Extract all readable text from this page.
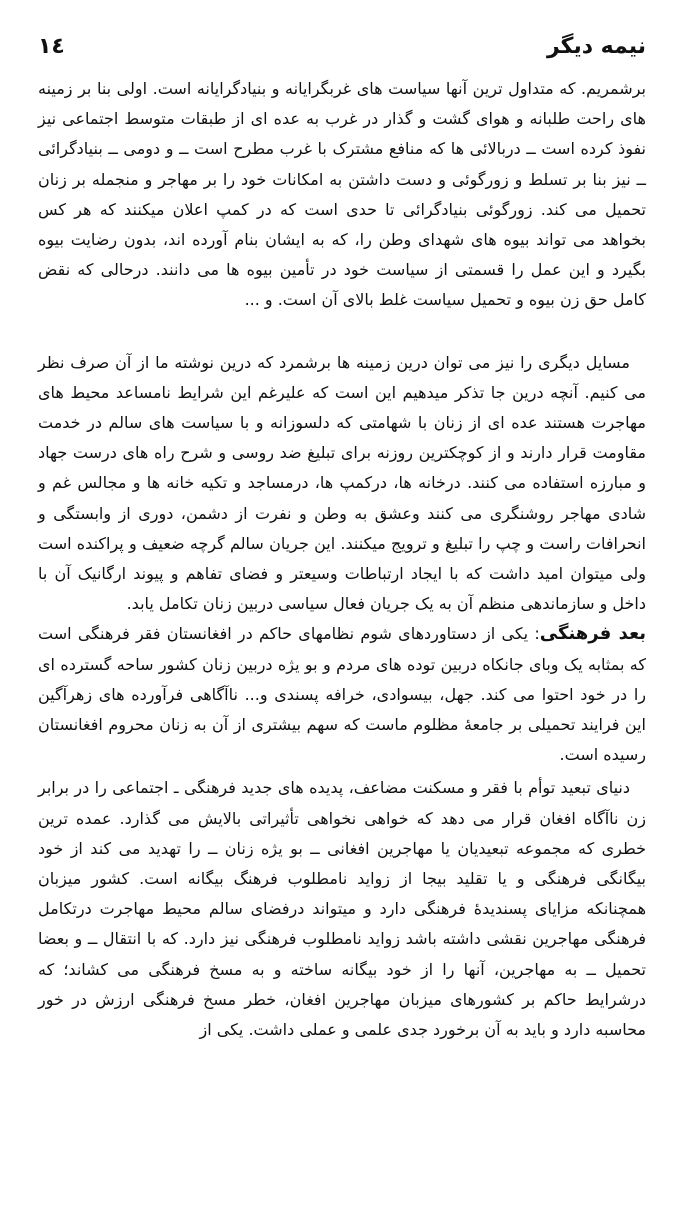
١٤	نیمه دیگر

برشمریم. که متداول ترین آنها سیاست های غربگرایانه و بنیادگرایانه است. اولی بنا بر زمینه های راحت طلبانه و هوای گشت و گذار در غرب به عده ای از طبقات متوسط اجتماعی نیز نفوذ کرده است ــ دربالائی ها که منافع مشترک با غرب مطرح است ــ و دومی ــ بنیادگرائی ــ نیز بنا بر تسلط و زورگوئی و دست داشتن به امکانات خود را بر مهاجر و منجمله بر زنان تحمیل می کند. زورگوئی بنیادگرائی تا حدی است که در کمپ اعلان میکنند که هر کس بخواهد می تواند بیوه های شهدای وطن را، که به ایشان بنام آورده اند، بدون رضایت بیوه بگیرد و این عمل را قسمتی از سیاست خود در تأمین بیوه ها می دانند. درحالی که نقض کامل حق زن بیوه و تحمیل سیاست غلط بالای آن است. و ...

مسایل دیگری را نیز می توان درین زمینه ها برشمرد که درین نوشته ما از آن صرف نظر می کنیم. آنچه درین جا تذکر میدهیم این است که علیرغم این شرایط نامساعد محیط های مهاجرت هستند عده ای از زنان با شهامتی که دلسوزانه و با سیاست های سالم در خدمت مقاومت قرار دارند و از کوچکترین روزنه برای تبلیغ ضد روسی و شرح راه های درست جهاد و مبارزه استفاده می کنند. درخانه ها، درکمپ ها، درمساجد و تکیه خانه ها و مجالس غم و شادی مهاجر روشنگری می کنند وعشق به وطن و نفرت از دشمن، دوری از وابستگی و انحرافات راست و چپ را تبلیغ و ترویج میکنند. این جریان سالم گرچه ضعیف و پراکنده است ولی میتوان امید داشت که با ایجاد ارتباطات وسیعتر و فضای تفاهم و پیوند ارگانیک آن با داخل و سازماندهی منظم آن به یک جریان فعال سیاسی دربین زنان تکامل یابد.

بعد فرهنگی: یکی از دستاوردهای شوم نظامهای حاکم در افغانستان فقر فرهنگی است که بمثابه یک وبای جانکاه دربین توده های مردم و بو یژه دربین زنان کشور ساحه گسترده ای را در خود احتوا می کند. جهل، بیسوادی، خرافه پسندی و... ناآگاهی فرآورده های زهرآگین این فرایند تحمیلی بر جامعهٔ مظلوم ماست که سهم بیشتری از آن به زنان محروم افغانستان رسیده است.

دنیای تبعید توأم با فقر و مسکنت مضاعف، پدیده های جدید فرهنگی ـ اجتماعی را در برابر زن ناآگاه افغان قرار می دهد که خواهی نخواهی تأثیراتی بالایش می گذارد. عمده ترین خطری که مجموعه تبعیدیان یا مهاجرین افغانی ــ بو یژه زنان ــ را تهدید می کند از خود بیگانگی فرهنگی و یا تقلید بیجا از زواید نامطلوب فرهنگ بیگانه است. کشور میزبان همچنانکه مزایای پسندیدهٔ فرهنگی دارد و میتواند درفضای سالم محیط مهاجرت درتکامل فرهنگی مهاجرین نقشی داشته باشد زواید نامطلوب فرهنگی نیز دارد. که با انتقال ــ و بعضا تحمیل ــ به مهاجرین، آنها را از خود بیگانه ساخته و به مسخ فرهنگی می کشاند؛ که درشرایط حاکم بر کشورهای میزبان مهاجرین افغان، خطر مسخ فرهنگی ارزش در خور محاسبه دارد و باید به آن برخورد جدی علمی و عملی داشت. یکی از
